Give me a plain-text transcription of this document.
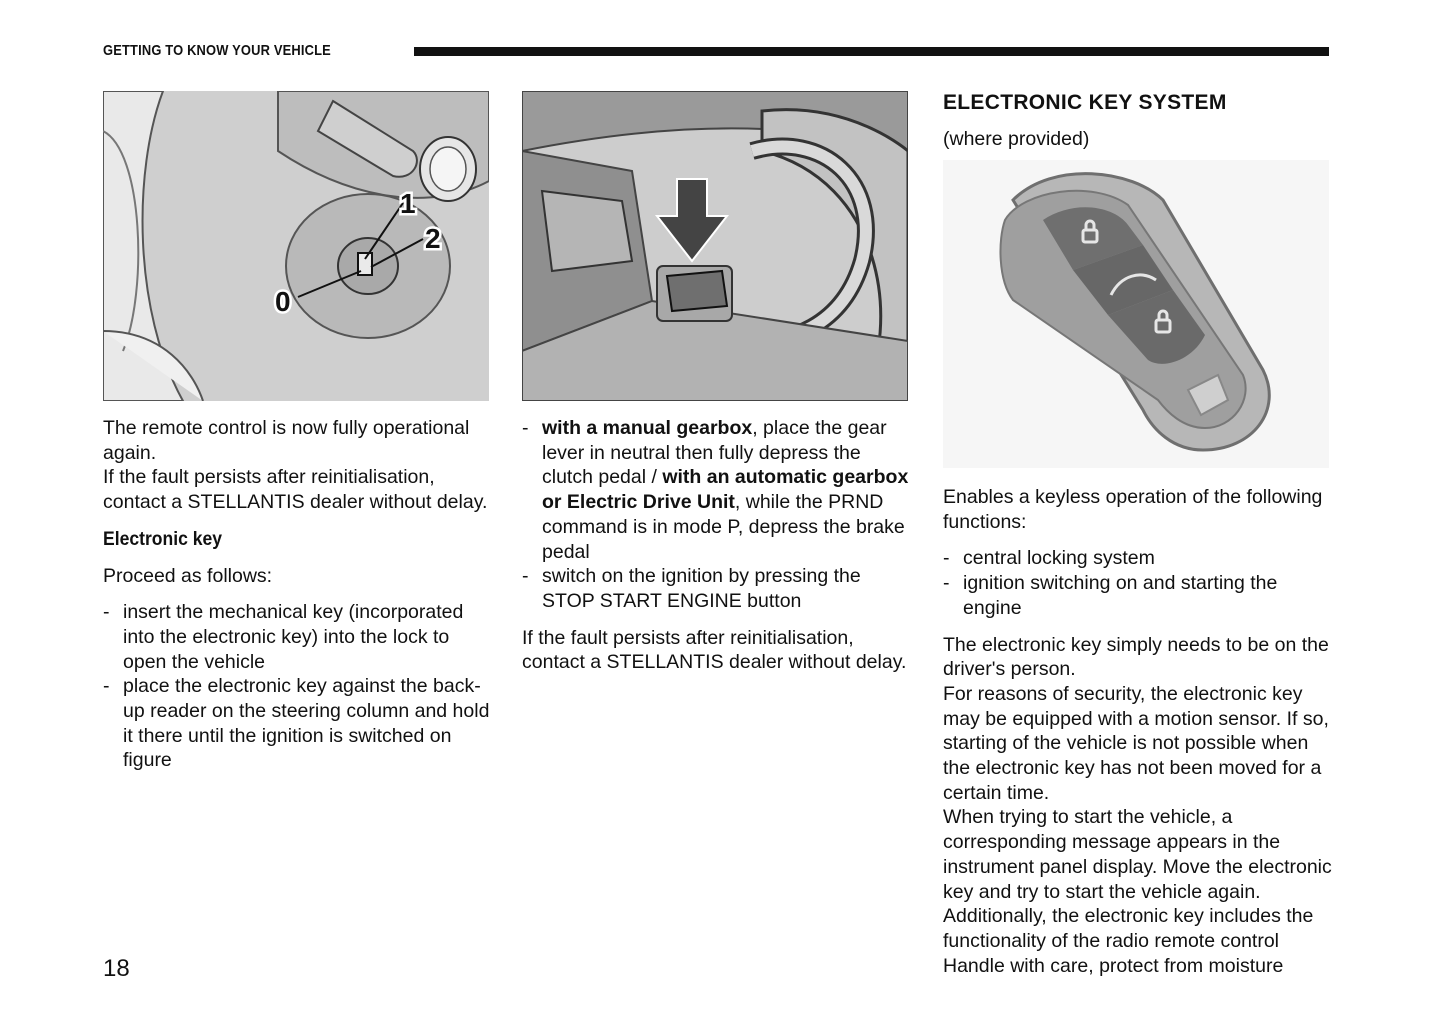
GETTING TO KNOW YOUR VEHICLE
1
2
0

The remote control is now fully operational again.

If the fault persists after reinitialisation, contact a STELLANTIS dealer without delay.

Electronic key

Proceed as follows:

- insert the mechanical key (incorporated into the electronic key) into the lock to open the vehicle
- place the electronic key against the back-up reader on the steering column and hold it there until the ignition is switched on figure
- with a manual gearbox, place the gear lever in neutral then fully depress the clutch pedal / with an automatic gearbox or Electric Drive Unit, while the PRND command is in mode P, depress the brake pedal
- switch on the ignition by pressing the STOP START ENGINE button

If the fault persists after reinitialisation, contact a STELLANTIS dealer without delay.

ELECTRONIC KEY SYSTEM
(where provided)

Enables a keyless operation of the following functions:

- central locking system
- ignition switching on and starting the engine

The electronic key simply needs to be on the driver's person.

For reasons of security, the electronic key may be equipped with a motion sensor. If so, starting of the vehicle is not possible when the electronic key has not been moved for a certain time.

When trying to start the vehicle, a corresponding message appears in the instrument panel display. Move the electronic key and try to start the vehicle again.

Additionally, the electronic key includes the functionality of the radio remote control

Handle with care, protect from moisture

18
